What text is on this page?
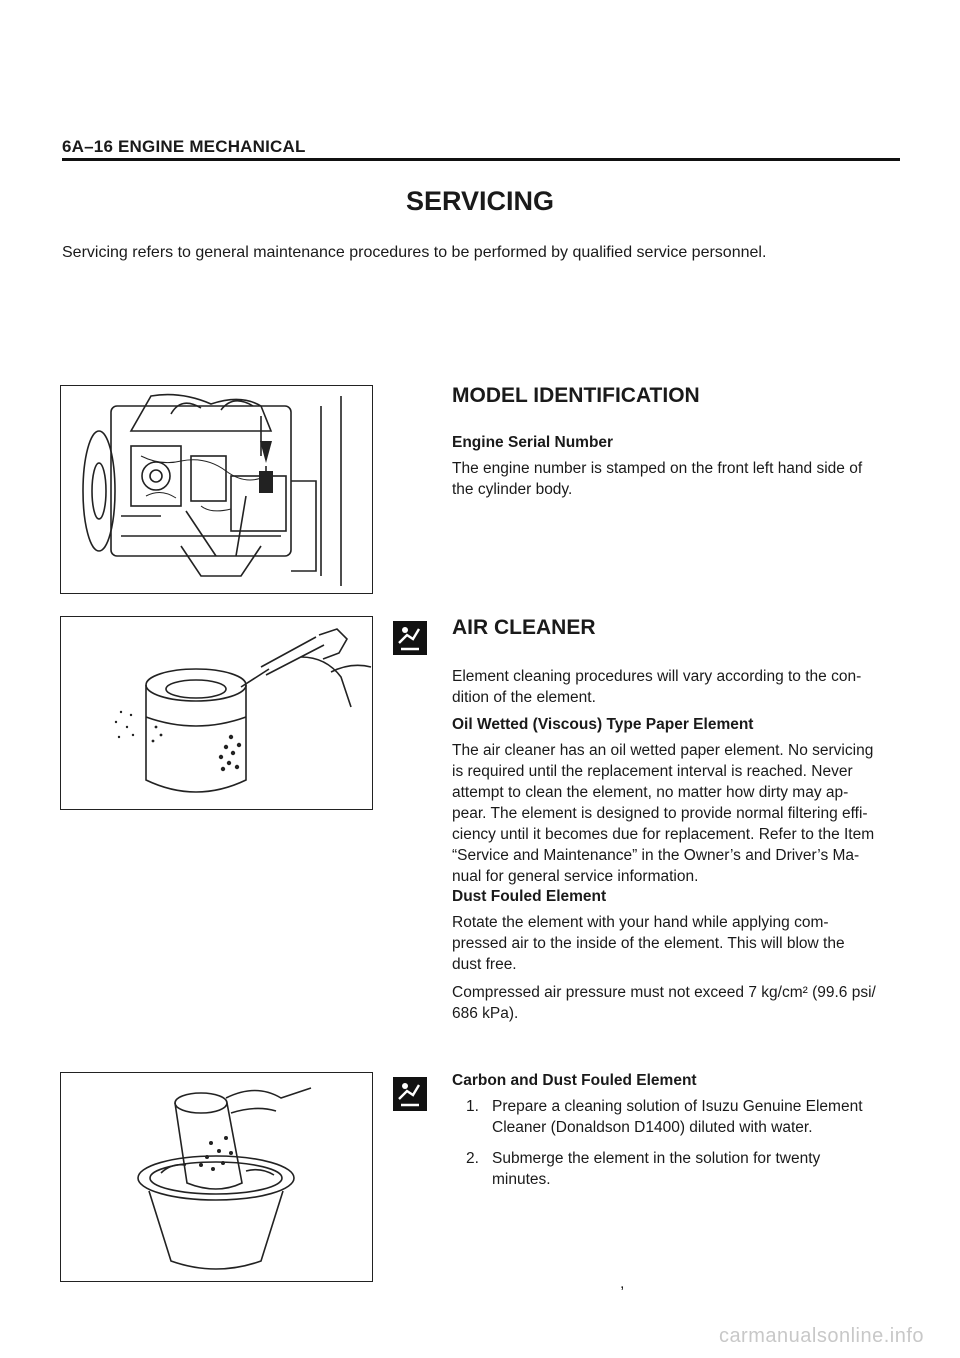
6A–16 ENGINE MECHANICAL
SERVICING
Servicing refers to general maintenance procedures to be performed by qualified service personnel.
MODEL IDENTIFICATION
Engine Serial Number

The engine number is stamped on the front left hand side of

the cylinder body.

AIR CLEANER

Element cleaning procedures will vary according to the con-

dition of the element.

Oil Wetted (Viscous) Type Paper Element

The air cleaner has an oil wetted paper element. No servicing

is required until the replacement interval is reached. Never

attempt to clean the element, no matter how dirty may ap-

pear. The element is designed to provide normal filtering effi-

ciency until it becomes due for replacement. Refer to the Item

“Service and Maintenance” in the Owner’s and Driver’s Ma-

nual for general service information.

Dust Fouled Element

Rotate the element with your hand while applying com-

pressed air to the inside of the element. This will blow the

dust free.

Compressed air pressure must not exceed 7 kg/cm² (99.6 psi/

686 kPa).

Carbon and Dust Fouled Element
1. Prepare a cleaning solution of Isuzu Genuine Element
Cleaner (Donaldson D1400) diluted with water.
2. Submerge the element in the solution for twenty
minutes.
,
carmanualsonline.info
